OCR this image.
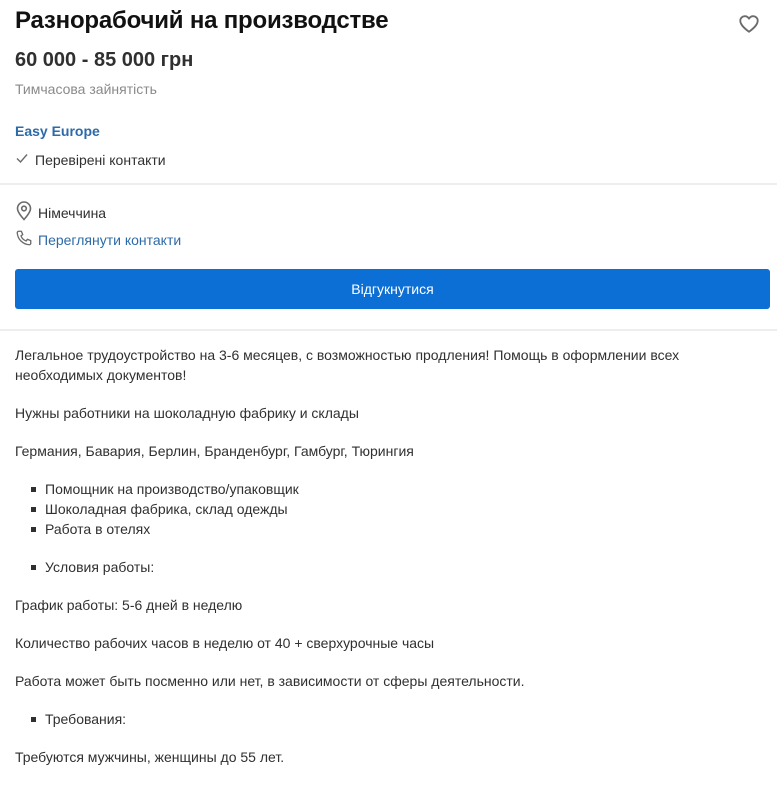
Разнорабочий на производстве
60 000 - 85 000 грн
Тимчасова зайнятість
Easy Europe
Перевірені контакти
Німеччина
Переглянути контакти
Відгукнутися

Легальное трудоустройство на 3-6 месяцев, с возможностью продления! Помощь в оформлении всех необходимых документов!

Нужны работники на шоколадную фабрику и склады

Германия, Бавария, Берлин, Бранденбург, Гамбург, Тюрингия

Помощник на производство/упаковщик
Шоколадная фабрика, склад одежды
Работа в отелях
Условия работы:

График работы: 5-6 дней в неделю

Количество рабочих часов в неделю от 40 + сверхурочные часы

Работа может быть посменно или нет, в зависимости от сферы деятельности.

Требования:

Требуются мужчины, женщины до 55 лет.
